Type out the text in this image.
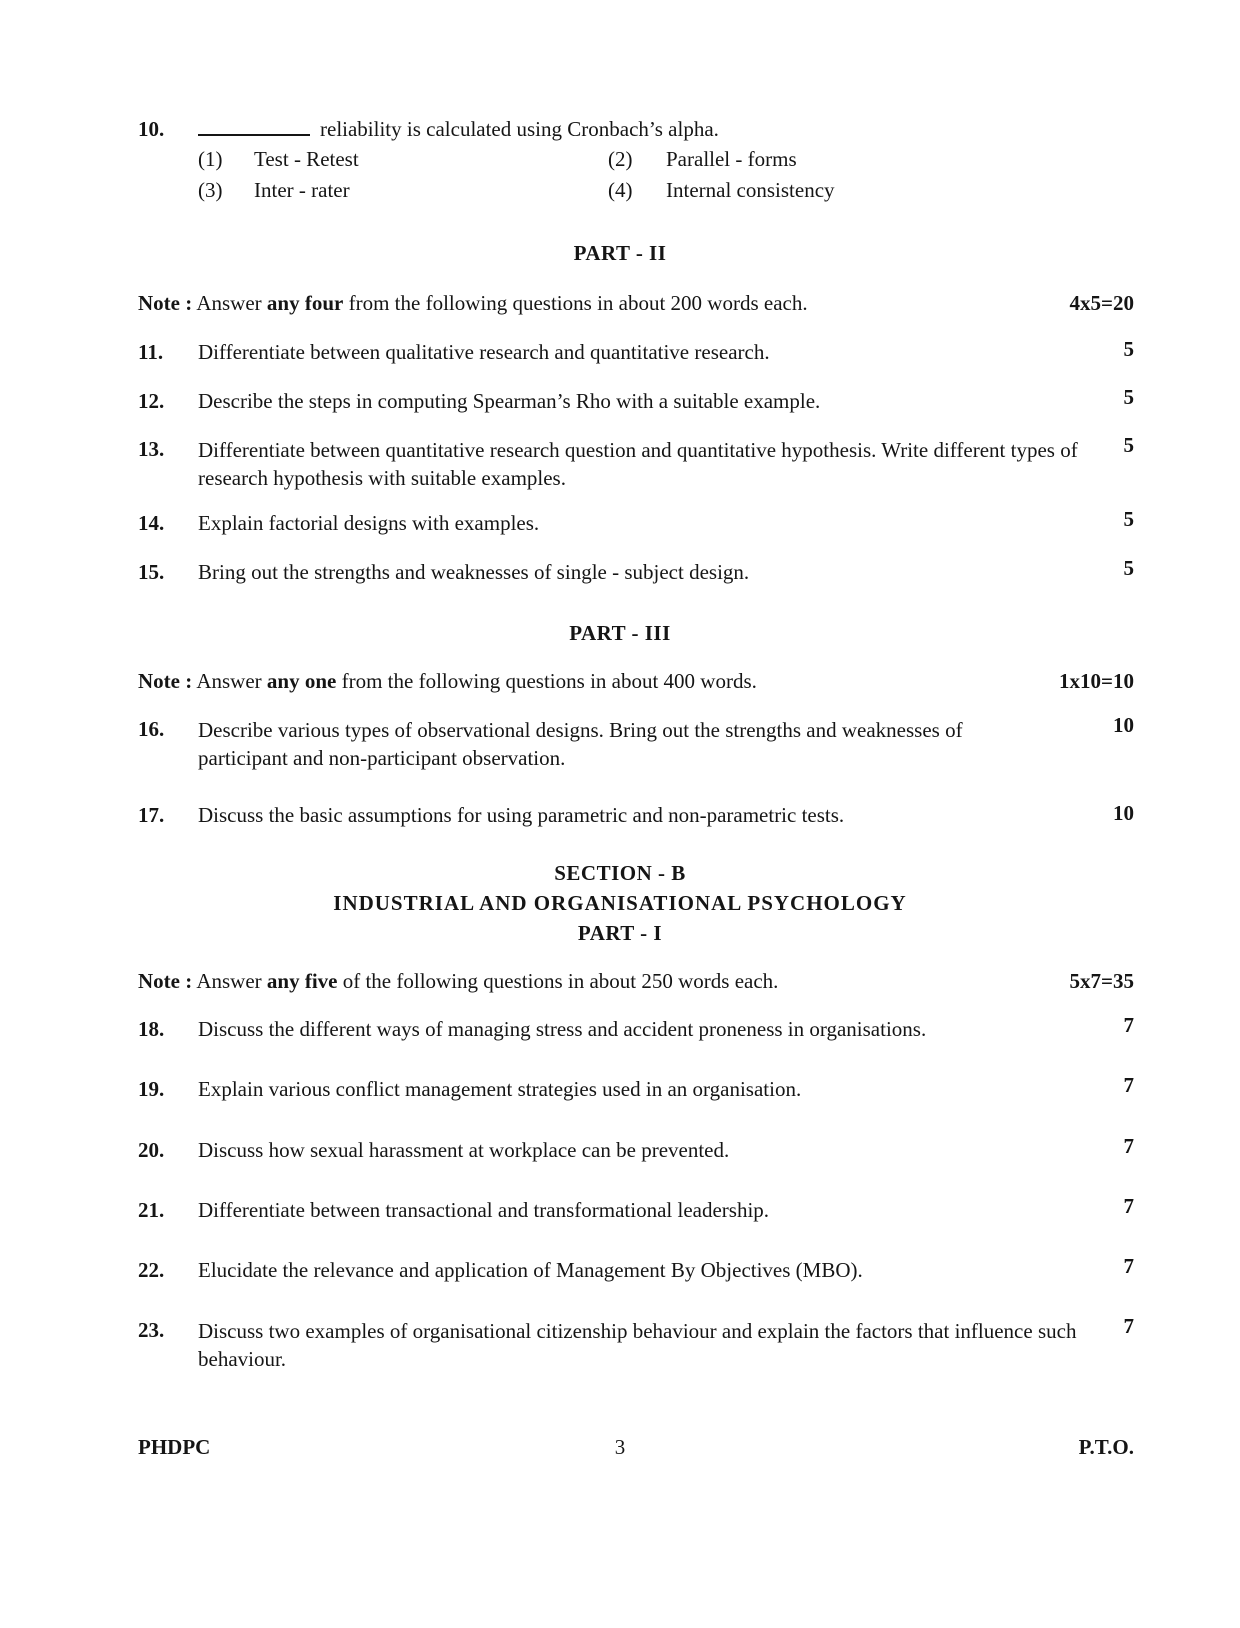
10.	reliability is calculated using Cronbach’s alpha.
(1) Test - Retest	(2) Parallel - forms
(3) Inter - rater	(4) Internal consistency
PART - II
Note : Answer any four from the following questions in about 200 words each.	4x5=20
11. Differentiate between qualitative research and quantitative research.	5
12. Describe the steps in computing Spearman’s Rho with a suitable example.	5
13. Differentiate between quantitative research question and quantitative hypothesis. Write different types of research hypothesis with suitable examples.
5
14. Explain factorial designs with examples.	5
15. Bring out the strengths and weaknesses of single - subject design.	5
PART - III
Note : Answer any one from the following questions in about 400 words.	1x10=10
16. Describe various types of observational designs. Bring out the strengths and weaknesses of participant and non-participant observation.
10
17. Discuss the basic assumptions for using parametric and non-parametric tests.	10
SECTION - B
INDUSTRIAL AND ORGANISATIONAL PSYCHOLOGY
PART - I
Note : Answer any five of the following questions in about 250 words each.	5x7=35
18. Discuss the different ways of managing stress and accident proneness in organisations.	7
19. Explain various conflict management strategies used in an organisation.	7
20. Discuss how sexual harassment at workplace can be prevented.	7
21. Differentiate between transactional and transformational leadership.	7
22. Elucidate the relevance and application of Management By Objectives (MBO).	7
23. Discuss two examples of organisational citizenship behaviour and explain the factors that influence such behaviour.
7
PHDPC	3	P.T.O.
